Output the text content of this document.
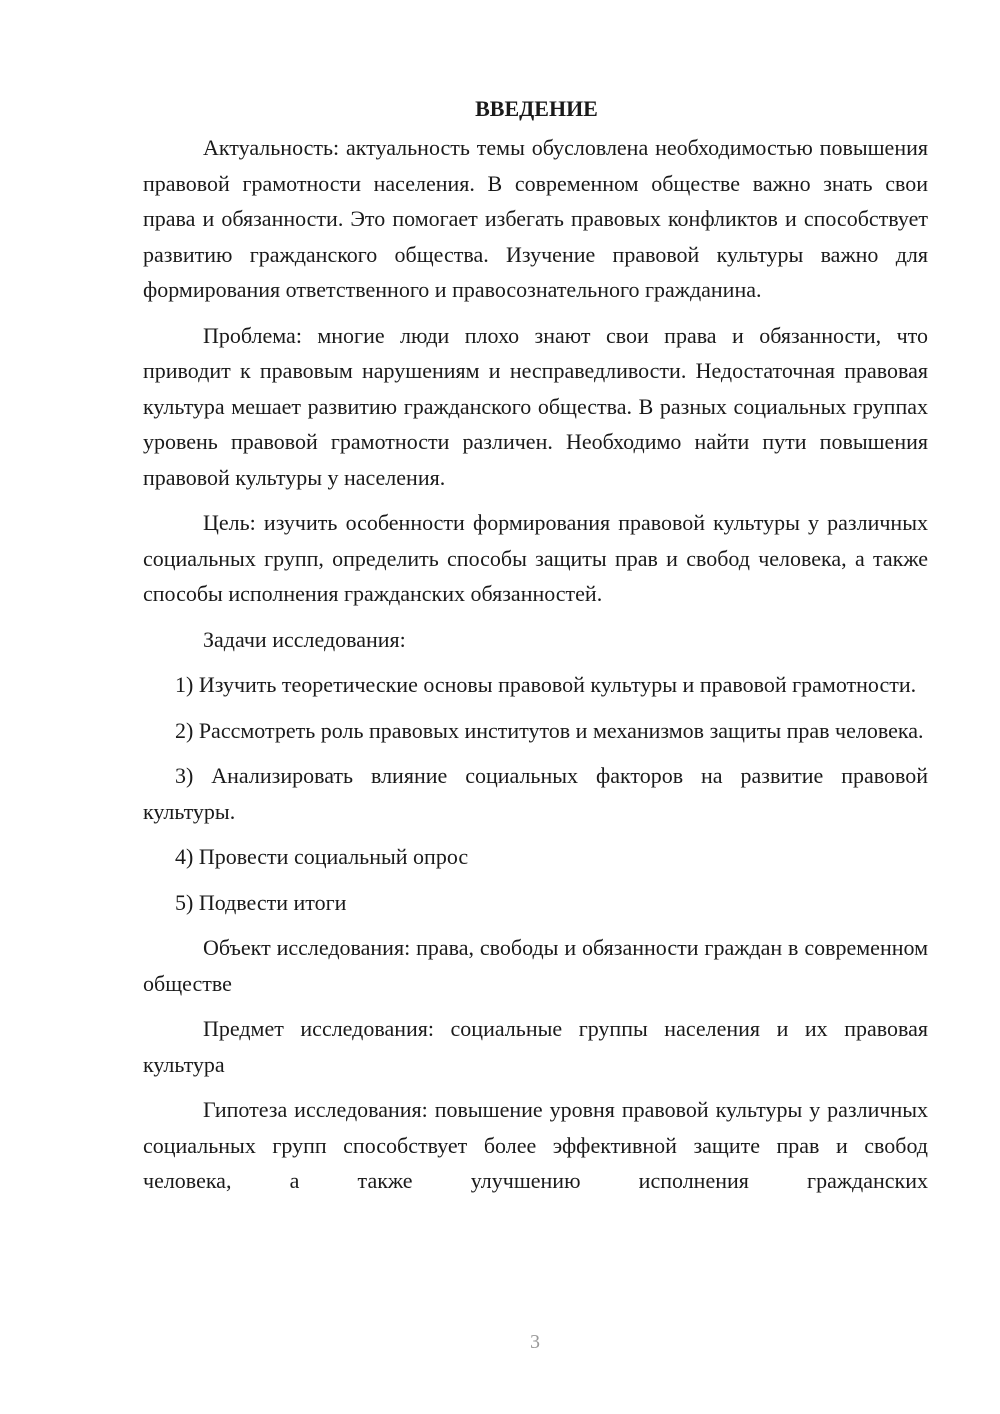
ВВЕДЕНИЕ

Актуальность: актуальность темы обусловлена необходимостью повышения правовой грамотности населения. В современном обществе важно знать свои права и обязанности. Это помогает избегать правовых конфликтов и способствует развитию гражданского общества. Изучение правовой культуры важно для формирования ответственного и правосознательного гражданина.

Проблема: многие люди плохо знают свои права и обязанности, что приводит к правовым нарушениям и несправедливости. Недостаточная правовая культура мешает развитию гражданского общества. В разных социальных группах уровень правовой грамотности различен. Необходимо найти пути повышения правовой культуры у населения.

Цель: изучить особенности формирования правовой культуры у различных социальных групп, определить способы защиты прав и свобод человека, а также способы исполнения гражданских обязанностей.

Задачи исследования:

1) Изучить теоретические основы правовой культуры и правовой грамотности.

2) Рассмотреть роль правовых институтов и механизмов защиты прав человека.

3) Анализировать влияние социальных факторов на развитие правовой культуры.

4) Провести социальный опрос

5) Подвести итоги

Объект исследования: права, свободы и обязанности граждан в современном обществе

Предмет исследования: социальные группы населения и их правовая культура

Гипотеза исследования: повышение уровня правовой культуры у различных социальных групп способствует более эффективной защите прав и свобод человека, а также улучшению исполнения гражданских

3
